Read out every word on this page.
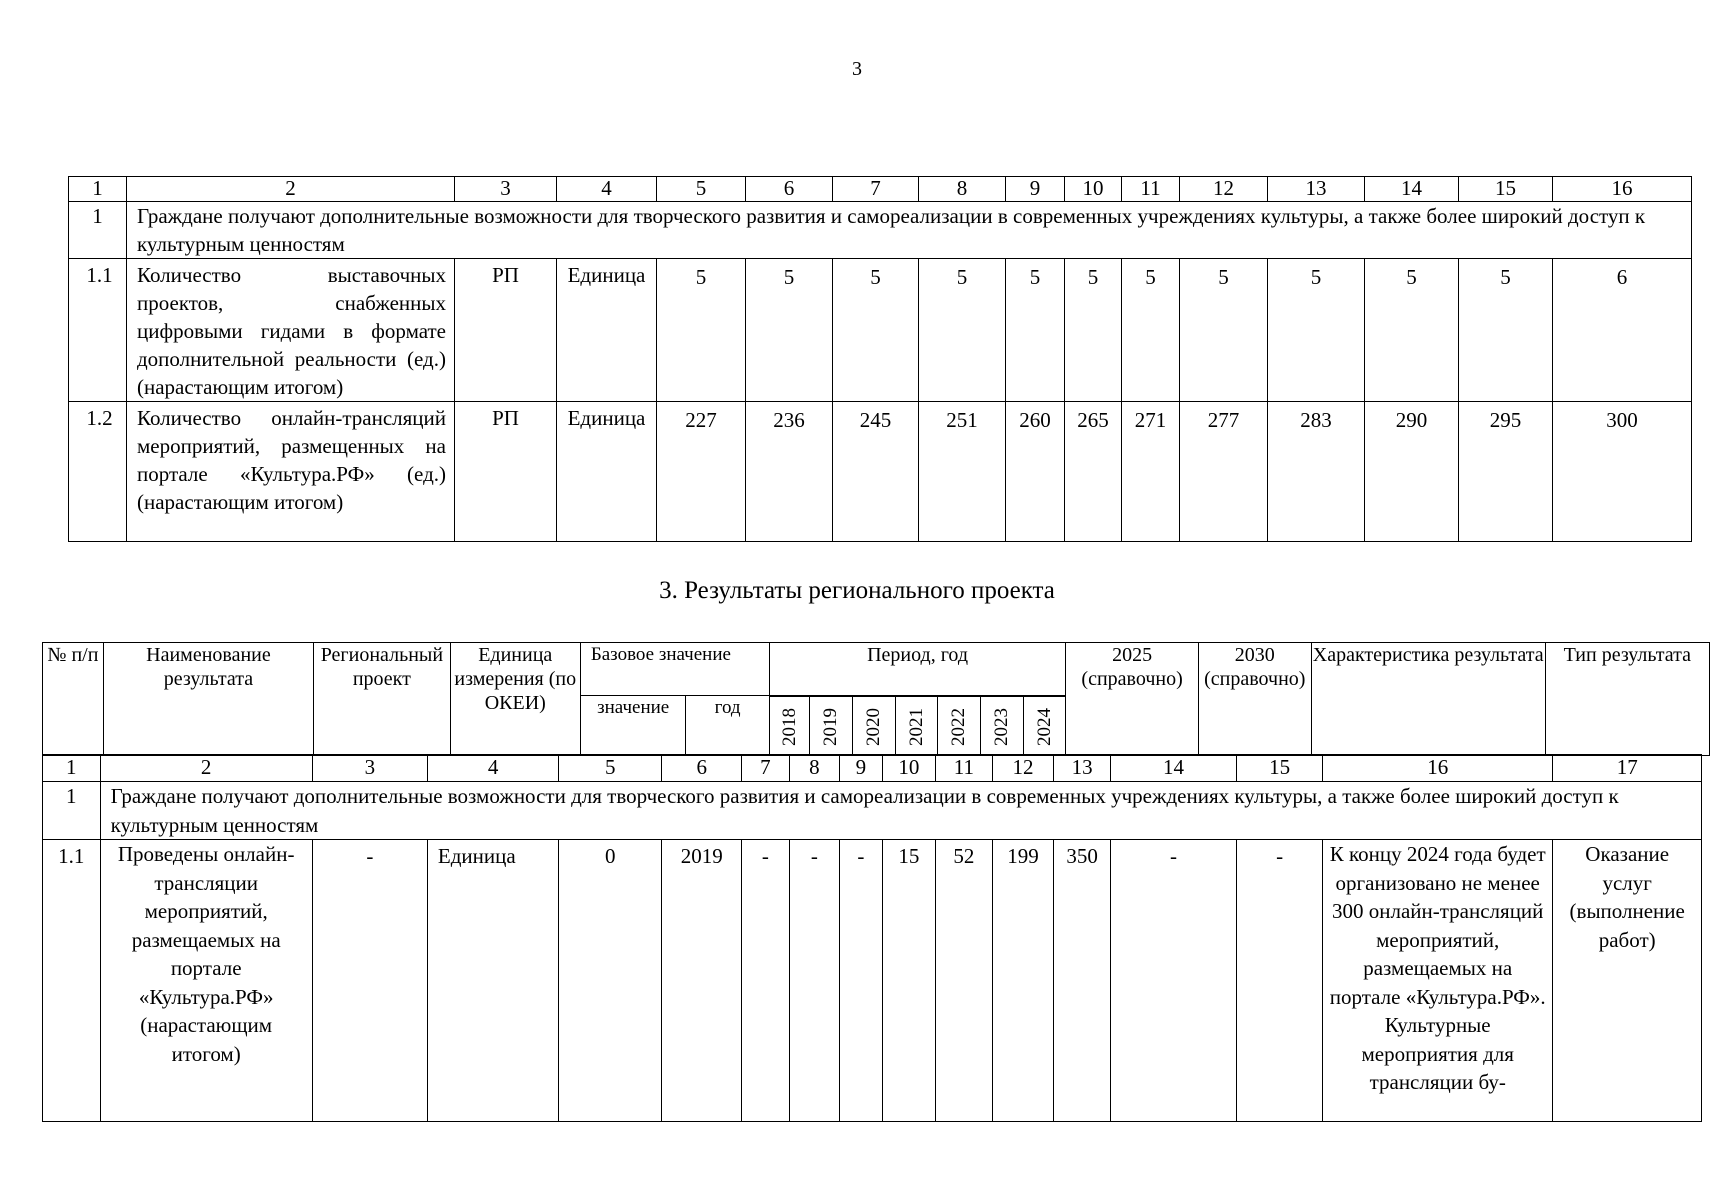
3
1	2	3	4	5	6	7	8	9	10	11	12	13	14	15	16
1	Граждане получают дополнительные возможности для творческого развития и самореализации в современных учреждениях культуры, а также более широкий доступ к культурным ценностям														
1.1	Количество выставочных проектов, снабженных цифровыми гидами в формате дополнительной реальности (ед.) (нарастающим итогом)	РП	Единица	5	5	5	5	5	5	5	5	5	5	5	6
1.2	Количество онлайн-трансляций мероприятий, размещенных на портале «Культура.РФ» (ед.) (нарастающим итогом)	РП	Единица	227	236	245	251	260	265	271	277	283	290	295	300
3. Результаты регионального проекта
№ п/п	Наименование результата	Региональный проект	Единица измерения (по ОКЕИ)	Базовое значение		Период, год							2025 (справочно)	2030 (справочно)	Характеристика результата	Тип результата
				значение	год											
						2018	2019	2020	2021	2022	2023	2024				
1	2	3	4	5	6	7	8	9	10	11	12	13	14	15	16	17
1	Граждане получают дополнительные возможности для творческого развития и самореализации в современных учреждениях культуры, а также более широкий доступ к культурным ценностям															
1.1	Проведены онлайн-трансляции мероприятий, размещаемых на портале «Культура.РФ» (нарастающим итогом)	-	Единица	0	2019	-	-	-	15	52	199	350	-	-	К концу 2024 года будет организовано не менее 300 онлайн-трансляций мероприятий, размещаемых на портале «Культура.РФ». Культурные мероприятия для трансляции бу-	Оказание услуг (выполнение работ)
